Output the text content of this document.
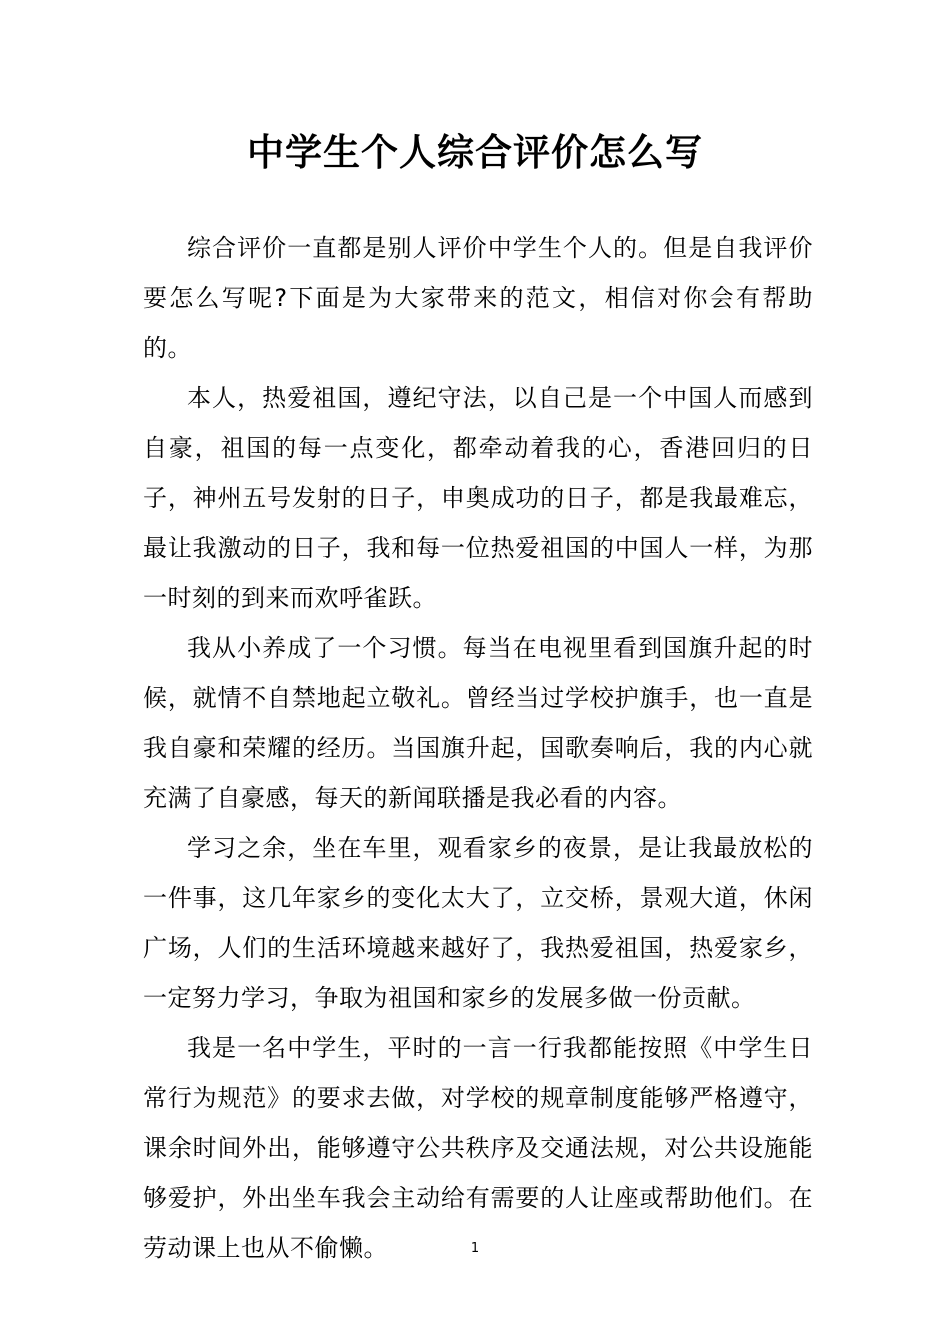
中学生个人综合评价怎么写

综合评价一直都是别人评价中学生个人的。但是自我评价要怎么写呢?下面是为大家带来的范文，相信对你会有帮助的。

本人，热爱祖国，遵纪守法，以自己是一个中国人而感到自豪，祖国的每一点变化，都牵动着我的心，香港回归的日子，神州五号发射的日子，申奥成功的日子，都是我最难忘，最让我激动的日子，我和每一位热爱祖国的中国人一样，为那一时刻的到来而欢呼雀跃。

我从小养成了一个习惯。每当在电视里看到国旗升起的时候，就情不自禁地起立敬礼。曾经当过学校护旗手，也一直是我自豪和荣耀的经历。当国旗升起，国歌奏响后，我的内心就充满了自豪感，每天的新闻联播是我必看的内容。

学习之余，坐在车里，观看家乡的夜景，是让我最放松的一件事，这几年家乡的变化太大了，立交桥，景观大道，休闲广场，人们的生活环境越来越好了，我热爱祖国，热爱家乡，一定努力学习，争取为祖国和家乡的发展多做一份贡献。

我是一名中学生，平时的一言一行我都能按照《中学生日常行为规范》的要求去做，对学校的规章制度能够严格遵守，课余时间外出，能够遵守公共秩序及交通法规，对公共设施能够爱护，外出坐车我会主动给有需要的人让座或帮助他们。在劳动课上也从不偷懒。	1
